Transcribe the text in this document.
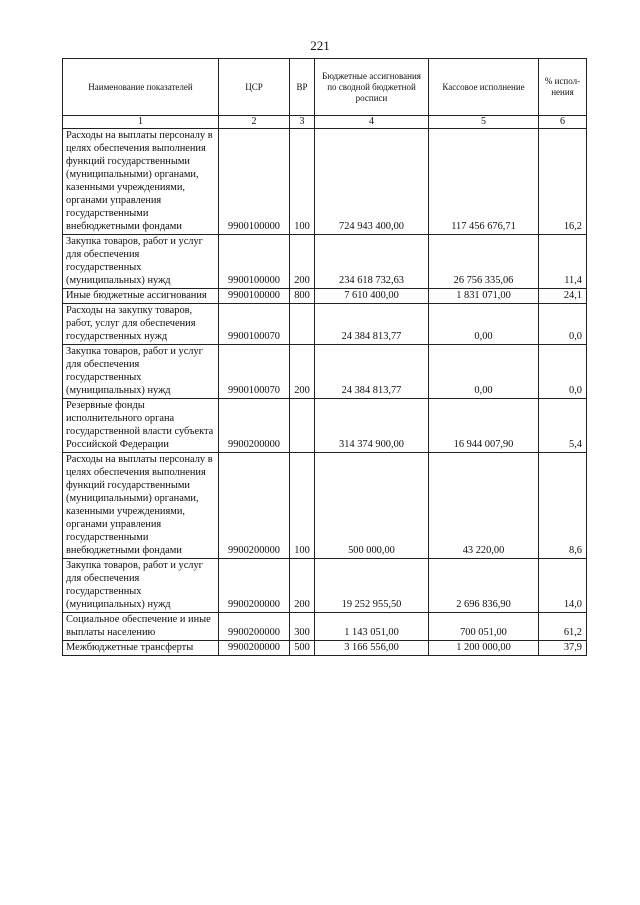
221
Наименование показателей	ЦСР	ВР	Бюджетные ассигнования по сводной бюджетной росписи	Кассовое исполнение	% испол-нения
1	2	3	4	5	6
Расходы на выплаты персоналу в целях обеспечения выполнения функций государственными (муниципальными) органами, казенными учреждениями, органами управления государственными внебюджетными фондами	9900100000	100	724 943 400,00	117 456 676,71	16,2
Закупка товаров, работ и услуг для обеспечения государственных (муниципальных) нужд	9900100000	200	234 618 732,63	26 756 335,06	11,4
Иные бюджетные ассигнования	9900100000	800	7 610 400,00	1 831 071,00	24,1
Расходы на закупку товаров, работ, услуг для обеспечения государственных нужд	9900100070		24 384 813,77	0,00	0,0
Закупка товаров, работ и услуг для обеспечения государственных (муниципальных) нужд	9900100070	200	24 384 813,77	0,00	0,0
Резервные фонды исполнительного органа государственной власти субъекта Российской Федерации	9900200000		314 374 900,00	16 944 007,90	5,4
Расходы на выплаты персоналу в целях обеспечения выполнения функций государственными (муниципальными) органами, казенными учреждениями, органами управления государственными внебюджетными фондами	9900200000	100	500 000,00	43 220,00	8,6
Закупка товаров, работ и услуг для обеспечения государственных (муниципальных) нужд	9900200000	200	19 252 955,50	2 696 836,90	14,0
Социальное обеспечение и иные выплаты населению	9900200000	300	1 143 051,00	700 051,00	61,2
Межбюджетные трансферты	9900200000	500	3 166 556,00	1 200 000,00	37,9
